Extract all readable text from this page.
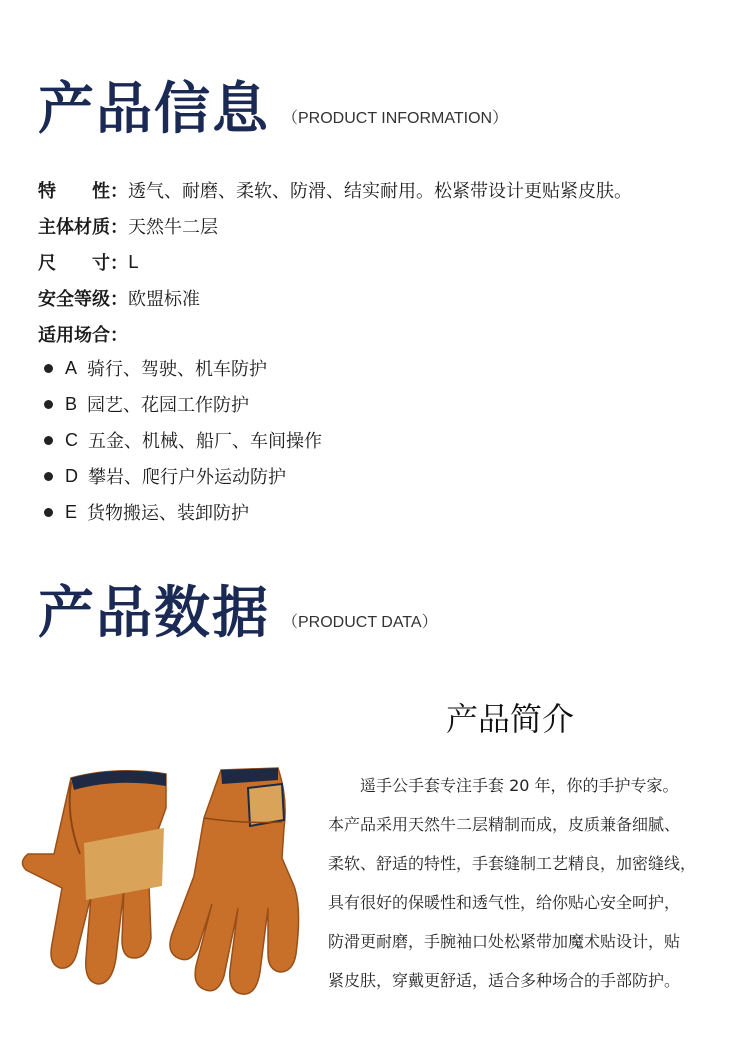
产品信息 （PRODUCT INFORMATION）
特　　性： 透气、耐磨、柔软、防滑、结实耐用。松紧带设计更贴紧皮肤。
主体材质： 天然牛二层
尺　　寸： L
安全等级： 欧盟标准
适用场合：
A 骑行、驾驶、机车防护
B 园艺、花园工作防护
C 五金、机械、船厂、车间操作
D 攀岩、爬行户外运动防护
E 货物搬运、装卸防护
产品数据 （PRODUCT DATA）
产品简介

　　遥手公手套专注手套 20 年，你的手护专家。

本产品采用天然牛二层精制而成，皮质兼备细腻、

柔软、舒适的特性，手套缝制工艺精良，加密缝线，

具有很好的保暖性和透气性，给你贴心安全呵护，

防滑更耐磨，手腕袖口处松紧带加魔术贴设计，贴

紧皮肤，穿戴更舒适，适合多种场合的手部防护。
